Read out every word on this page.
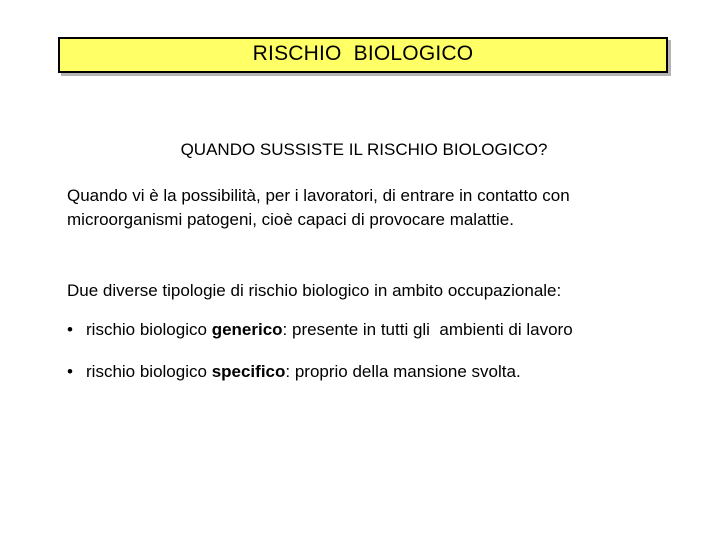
RISCHIO  BIOLOGICO
QUANDO SUSSISTE IL RISCHIO BIOLOGICO?
Quando vi è la possibilità, per i lavoratori, di entrare in contatto con
microorganismi patogeni, cioè capaci di provocare malattie.
Due diverse tipologie di rischio biologico in ambito occupazionale:
• rischio biologico generico: presente in tutti gli  ambienti di lavoro
• rischio biologico specifico: proprio della mansione svolta.
